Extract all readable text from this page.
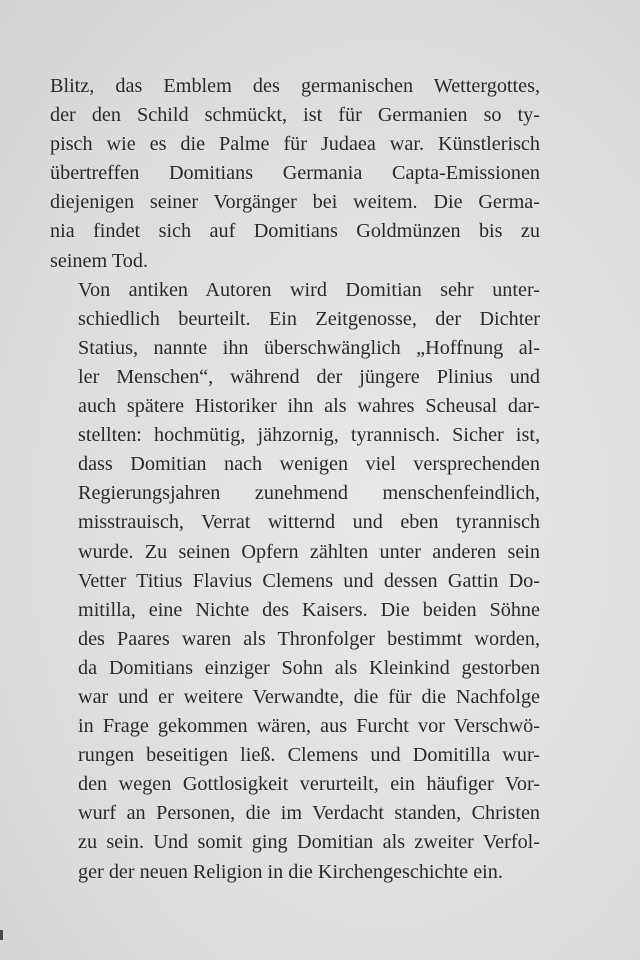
Blitz, das Emblem des germanischen Wettergottes,
der den Schild schmückt, ist für Germanien so ty-
pisch wie es die Palme für Judaea war. Künstlerisch
übertreffen Domitians Germania Capta-Emissionen
diejenigen seiner Vorgänger bei weitem. Die Germa-
nia findet sich auf Domitians Goldmünzen bis zu
seinem Tod.

Von antiken Autoren wird Domitian sehr unter-
schiedlich beurteilt. Ein Zeitgenosse, der Dichter
Statius, nannte ihn überschwänglich „Hoffnung al-
ler Menschen“, während der jüngere Plinius und
auch spätere Historiker ihn als wahres Scheusal dar-
stellten: hochmütig, jähzornig, tyrannisch. Sicher ist,
dass Domitian nach wenigen viel versprechenden
Regierungsjahren zunehmend menschenfeindlich,
misstrauisch, Verrat witternd und eben tyrannisch
wurde. Zu seinen Opfern zählten unter anderen sein
Vetter Titius Flavius Clemens und dessen Gattin Do-
mitilla, eine Nichte des Kaisers. Die beiden Söhne
des Paares waren als Thronfolger bestimmt worden,
da Domitians einziger Sohn als Kleinkind gestorben
war und er weitere Verwandte, die für die Nachfolge
in Frage gekommen wären, aus Furcht vor Verschwö-
rungen beseitigen ließ. Clemens und Domitilla wur-
den wegen Gottlosigkeit verurteilt, ein häufiger Vor-
wurf an Personen, die im Verdacht standen, Christen
zu sein. Und somit ging Domitian als zweiter Verfol-
ger der neuen Religion in die Kirchengeschichte ein.
